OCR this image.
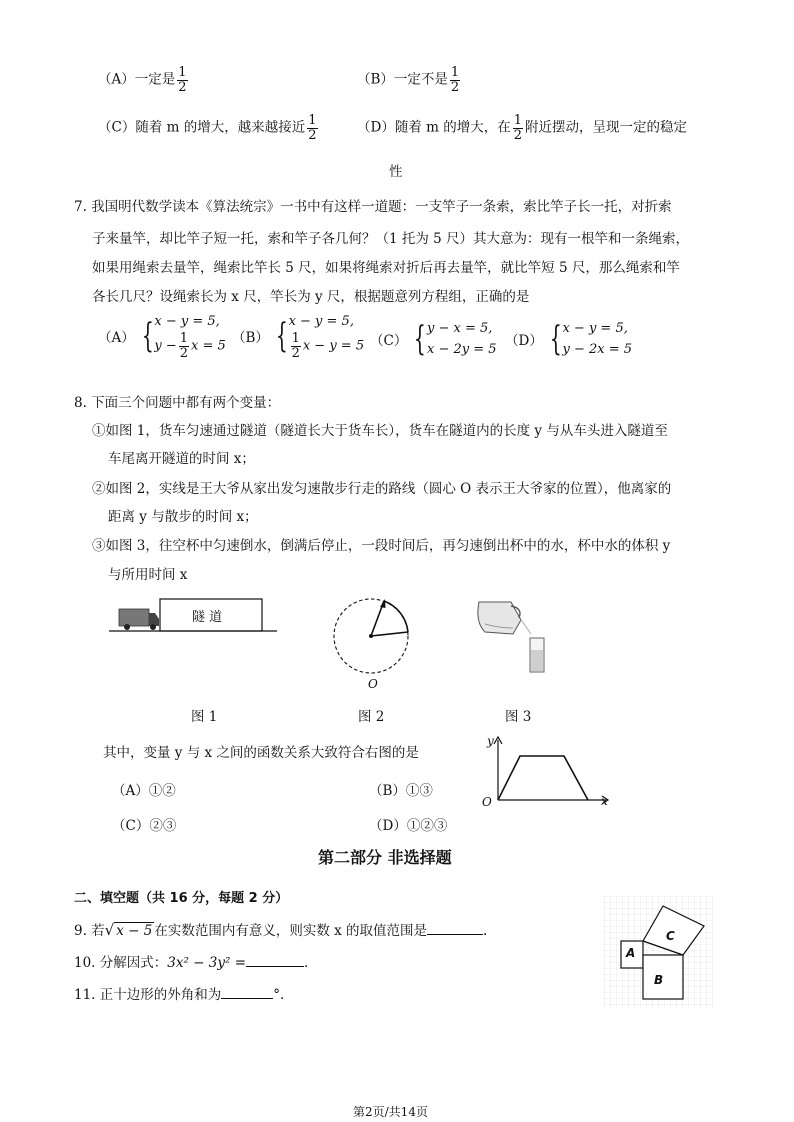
（A）一定是 $\frac{1}{2}$	（B）一定不是 $\frac{1}{2}$
（C）随着 m 的增大，越来越接近 $\frac{1}{2}$	（D）随着 m 的增大，在 $\frac{1}{2}$ 附近摆动，呈现一定的稳定
性
7. 我国明代数学读本《算法统宗》一书中有这样一道题：一支竿子一条索，索比竿子长一托，对折索
子来量竿，却比竿子短一托，索和竿子各几何？（1 托为 5 尺）其大意为：现有一根竿和一条绳索，
如果用绳索去量竿，绳索比竿长 5 尺，如果将绳索对折后再去量竿，就比竿短 5 尺，那么绳索和竿
各长几尺？设绳索长为 x 尺，竿长为 y 尺，根据题意列方程组，正确的是
（A） { x − y = 5,
$y - \frac{1}{2}$ x = 5
（B） { x − y = 5,
$\frac{1}{2}$ x − y = 5 （C） { y − x = 5,
x − 2y = 5
（D） { x − y = 5,
y − 2x = 5
8. 下面三个问题中都有两个变量：
①如图 1，货车匀速通过隧道（隧道长大于货车长），货车在隧道内的长度 y 与从车头进入隧道至
车尾离开隧道的时间 x；
②如图 2，实线是王大爷从家出发匀速散步行走的路线（圆心 O 表示王大爷家的位置），他离家的
距离 y 与散步的时间 x；
③如图 3，往空杯中匀速倒水，倒满后停止，一段时间后，再匀速倒出杯中的水，杯中水的体积 y
与所用时间 x
隧 道
O
图 1	图 2	图 3
其中，变量 y 与 x 之间的函数关系大致符合右图的是
（A）①②	（B）①③
（C）②③	（D）①②③
y
O	x
第二部分 非选择题
二、填空题（共 16 分，每题 2 分）
9. 若√ x − 5 在实数范围内有意义，则实数 x 的取值范围是	.
10. 分解因式：3x² − 3y² =	.
11. 正十边形的外角和为	°.
A
B
C
第2页/共14页
